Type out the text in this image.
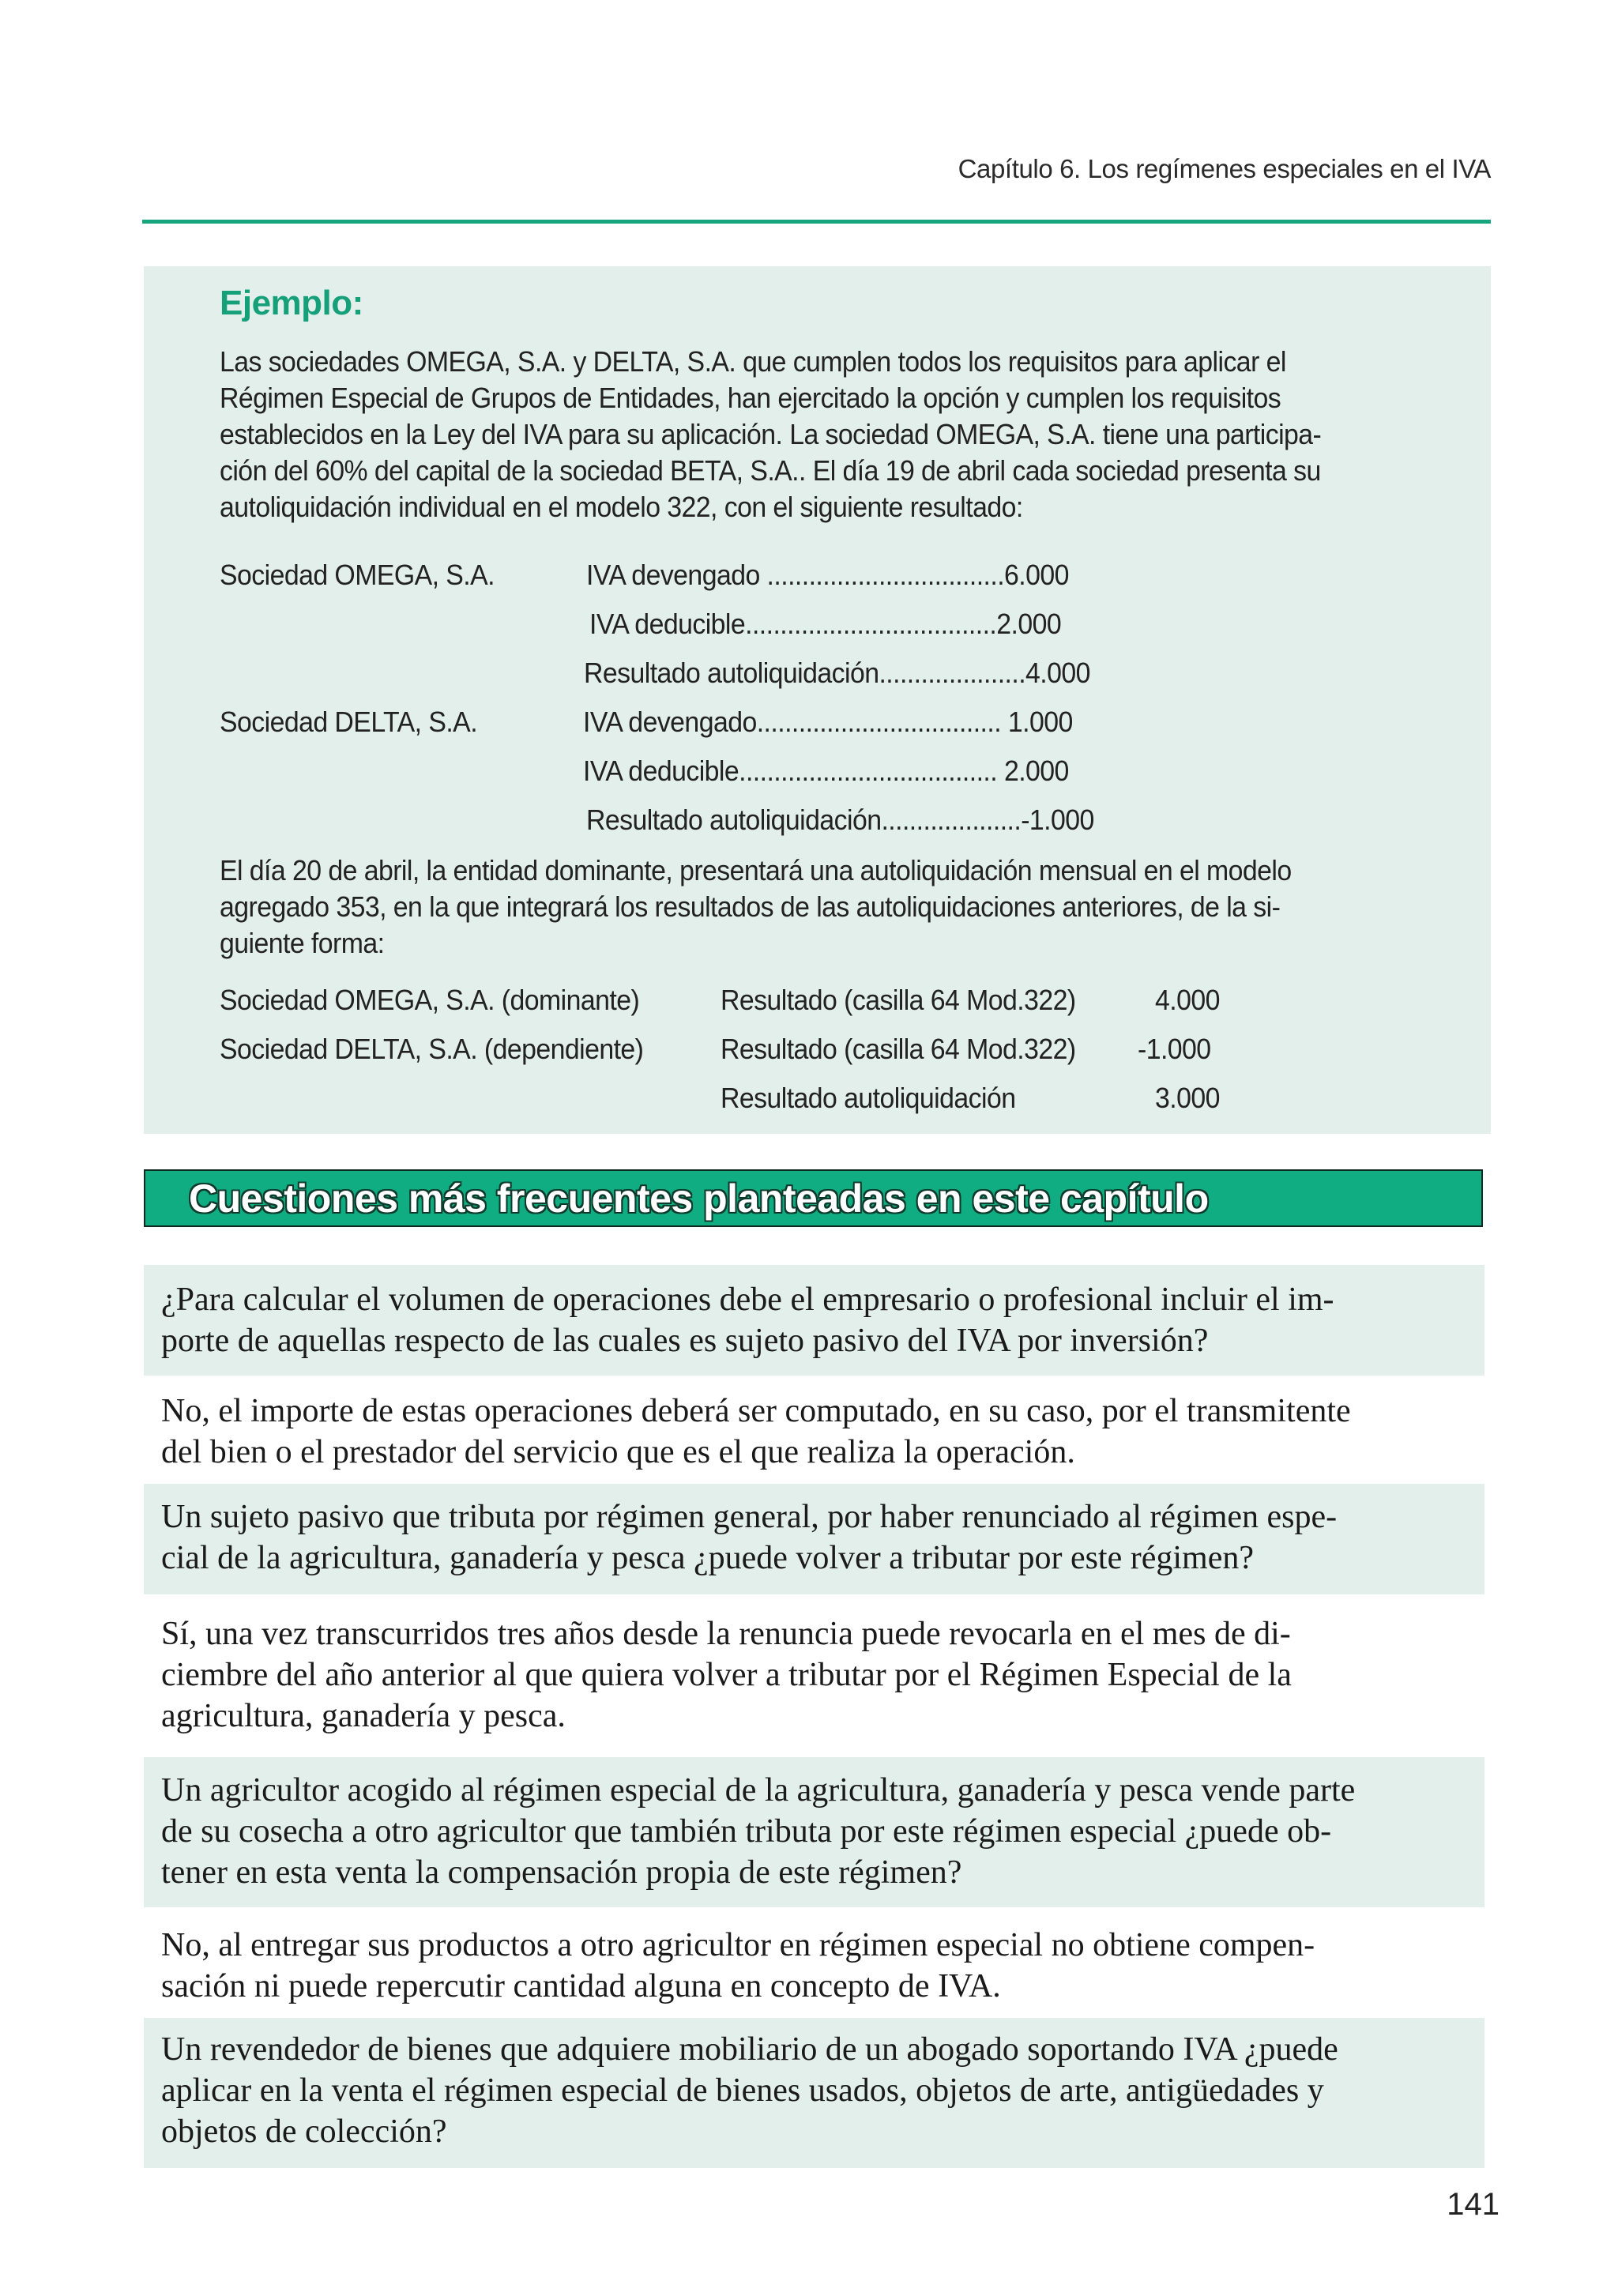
Capítulo 6. Los regímenes especiales en el IVA
Ejemplo:
Las sociedades OMEGA, S.A. y DELTA, S.A. que cumplen todos los requisitos para aplicar el
Régimen Especial de Grupos de Entidades, han ejercitado la opción y cumplen los requisitos
establecidos en la Ley del IVA para su aplicación. La sociedad OMEGA, S.A. tiene una participa-
ción del 60% del capital de la sociedad BETA, S.A.. El día 19 de abril cada sociedad presenta su
autoliquidación individual en el modelo 322, con el siguiente resultado:
Sociedad OMEGA, S.A.	IVA devengado ..................................6.000
IVA deducible....................................2.000
Resultado autoliquidación.....................4.000
Sociedad DELTA, S.A.	IVA devengado................................... 1.000
IVA deducible..................................... 2.000
Resultado autoliquidación....................-1.000
El día 20 de abril, la entidad dominante, presentará una autoliquidación mensual en el modelo
agregado 353, en la que integrará los resultados de las autoliquidaciones anteriores, de la si-
guiente forma:
Sociedad OMEGA, S.A. (dominante)	Resultado (casilla 64 Mod.322)	4.000
Sociedad DELTA, S.A. (dependiente)	Resultado (casilla 64 Mod.322) -1.000
Resultado autoliquidación	3.000
Cuestiones más frecuentes planteadas en este capítulo
¿Para calcular el volumen de operaciones debe el empresario o profesional incluir el im-
porte de aquellas respecto de las cuales es sujeto pasivo del IVA por inversión?
No, el importe de estas operaciones deberá ser computado, en su caso, por el transmitente
del bien o el prestador del servicio que es el que realiza la operación.
Un sujeto pasivo que tributa por régimen general, por haber renunciado al régimen espe-
cial de la agricultura, ganadería y pesca ¿puede volver a tributar por este régimen?
Sí, una vez transcurridos tres años desde la renuncia puede revocarla en el mes de di-
ciembre del año anterior al que quiera volver a tributar por el Régimen Especial de la
agricultura, ganadería y pesca.
Un agricultor acogido al régimen especial de la agricultura, ganadería y pesca vende parte
de su cosecha a otro agricultor que también tributa por este régimen especial ¿puede ob-
tener en esta venta la compensación propia de este régimen?
No, al entregar sus productos a otro agricultor en régimen especial no obtiene compen-
sación ni puede repercutir cantidad alguna en concepto de IVA.
Un revendedor de bienes que adquiere mobiliario de un abogado soportando IVA ¿puede
aplicar en la venta el régimen especial de bienes usados, objetos de arte, antigüedades y
objetos de colección?
141
